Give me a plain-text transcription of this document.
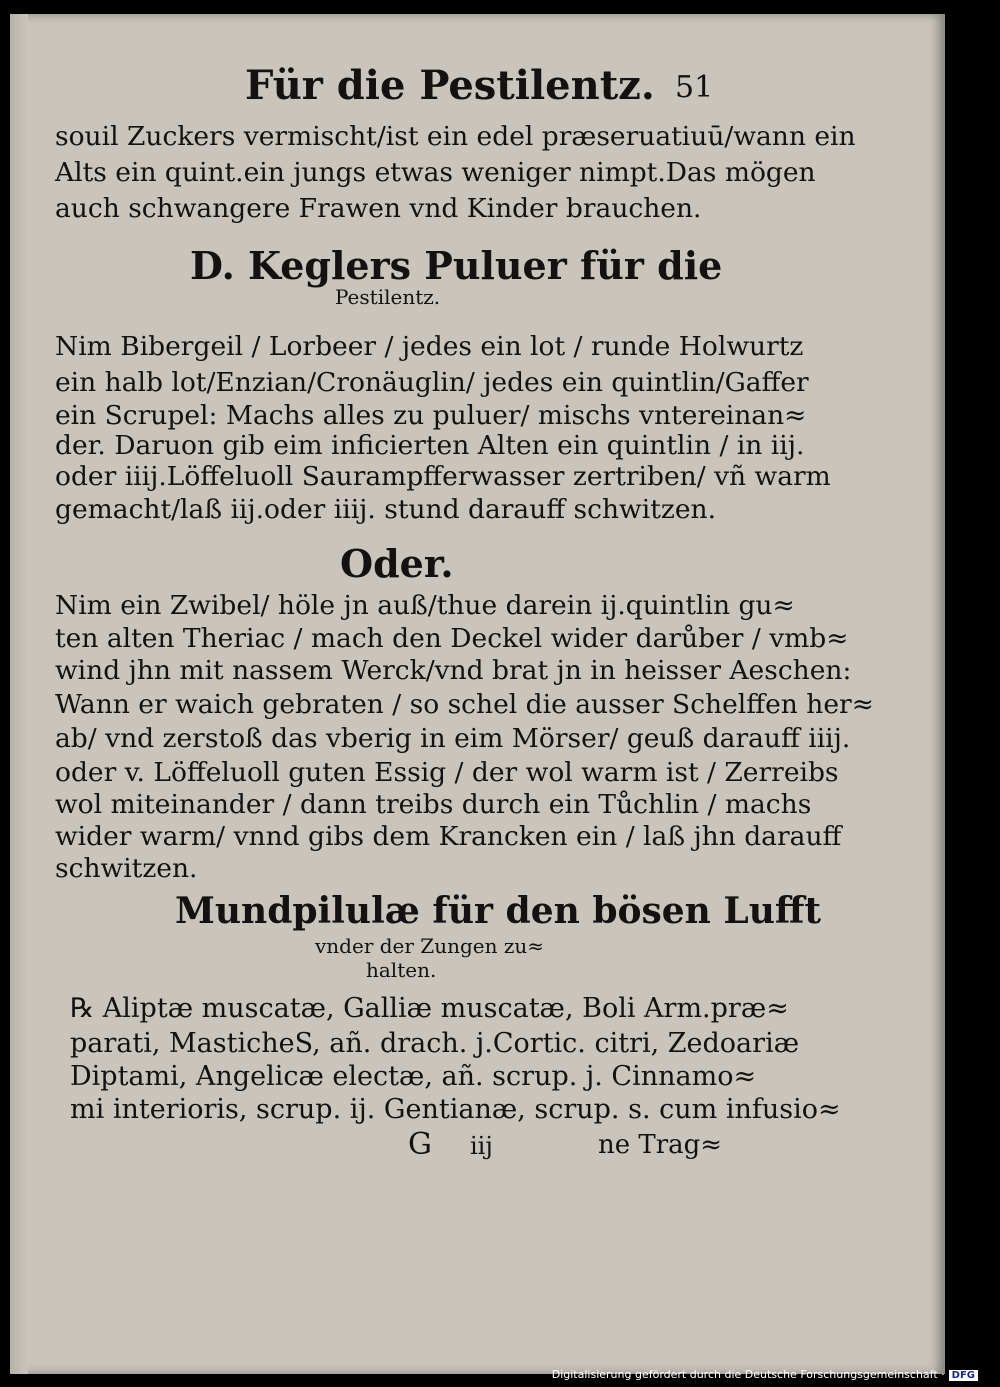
Für die Pestilentz. 51
souil Zuckers vermischt/ist ein edel præseruatiuū/wann ein
Alts ein quint.ein jungs etwas weniger nimpt.Das mögen
auch schwangere Frawen vnd Kinder brauchen.
D. Keglers Puluer für die
Pestilentz.
Nim Bibergeil / Lorbeer / jedes ein lot / runde Holwurtz
ein halb lot/Enzian/Cronäuglin/ jedes ein quintlin/Gaffer
ein Scrupel: Machs alles zu puluer/ mischs vntereinan≈
der. Daruon gib eim inficierten Alten ein quintlin / in iij.
oder iiij.Löffeluoll Saurampfferwasser zertriben/ vñ warm
gemacht/laß iij.oder iiij. stund darauff schwitzen.
Oder.
Nim ein Zwibel/ höle jn auß/thue darein ij.quintlin gu≈
ten alten Theriac / mach den Deckel wider darůber / vmb≈
wind jhn mit nassem Werck/vnd brat jn in heisser Aeschen:
Wann er waich gebraten / so schel die ausser Schelffen her≈
ab/ vnd zerstoß das vberig in eim Mörser/ geuß darauff iiij.
oder v. Löffeluoll guten Essig / der wol warm ist / Zerreibs
wol miteinander / dann treibs durch ein Tůchlin / machs
wider warm/ vnnd gibs dem Krancken ein / laß jhn darauff
schwitzen.
Mundpilulæ für den bösen Lufft
vnder der Zungen zu≈
halten.
℞ Aliptæ muscatæ, Galliæ muscatæ, Boli Arm.præ≈
parati, MasticheS, añ. drach. j.Cortic. citri, Zedoariæ
Diptami, Angelicæ electæ, añ. scrup. j. Cinnamo≈
mi interioris, scrup. ij. Gentianæ, scrup. s. cum infusio≈
G iij	ne Trag≈
Digitalisierung gefördert durch die Deutsche Forschungsgemeinschaft · DFG
